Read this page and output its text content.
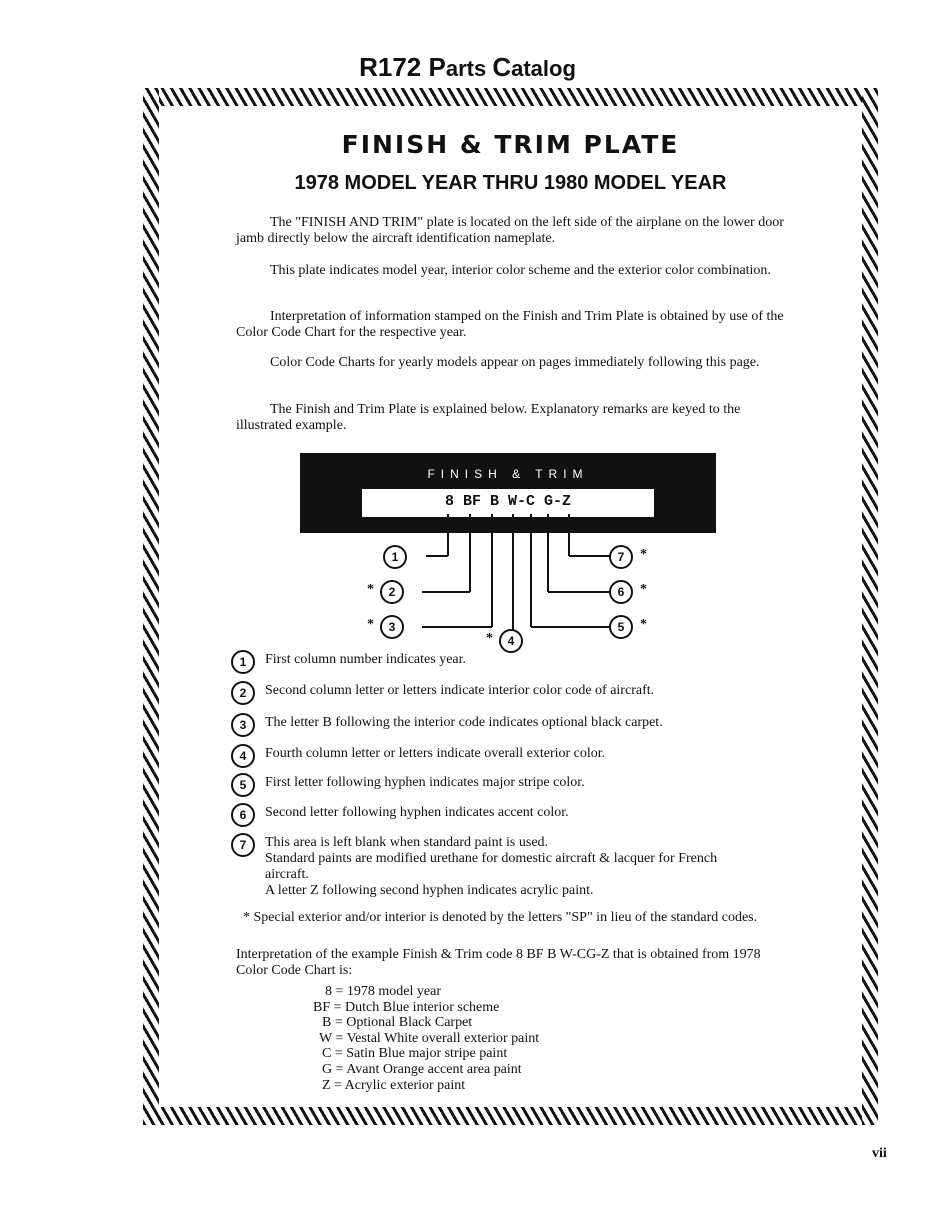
R172 Parts Catalog
FINISH & TRIM PLATE
1978 MODEL YEAR THRU 1980 MODEL YEAR
The "FINISH AND TRIM" plate is located on the left side of the airplane on the lower door jamb directly below the aircraft identification nameplate.
This plate indicates model year, interior color scheme and the exterior color combination.
Interpretation of information stamped on the Finish and Trim Plate is obtained by use of the Color Code Chart for the respective year.
Color Code Charts for yearly models appear on pages immediately following this page.
The Finish and Trim Plate is explained below. Explanatory remarks are keyed to the illustrated example.
FINISH & TRIM
8 BF B W-C G-Z
1
2
3
4
5
6
7
*
*
*
*
*
*
1	First column number indicates year.
2	Second column letter or letters indicate interior color code of aircraft.
3	The letter B following the interior code indicates optional black carpet.
4	Fourth column letter or letters indicate overall exterior color.
5	First letter following hyphen indicates major stripe color.
6	Second letter following hyphen indicates accent color.
7	This area is left blank when standard paint is used.
Standard paints are modified urethane for domestic aircraft & lacquer for French aircraft.
A letter Z following second hyphen indicates acrylic paint.
* Special exterior and/or interior is denoted by the letters "SP" in lieu of the standard codes.
Interpretation of the example Finish & Trim code 8 BF B W-CG-Z that is obtained from 1978 Color Code Chart is:
8 = 1978 model year
BF = Dutch Blue interior scheme
B = Optional Black Carpet
W = Vestal White overall exterior paint
C = Satin Blue major stripe paint
G = Avant Orange accent area paint
Z = Acrylic exterior paint
vii
